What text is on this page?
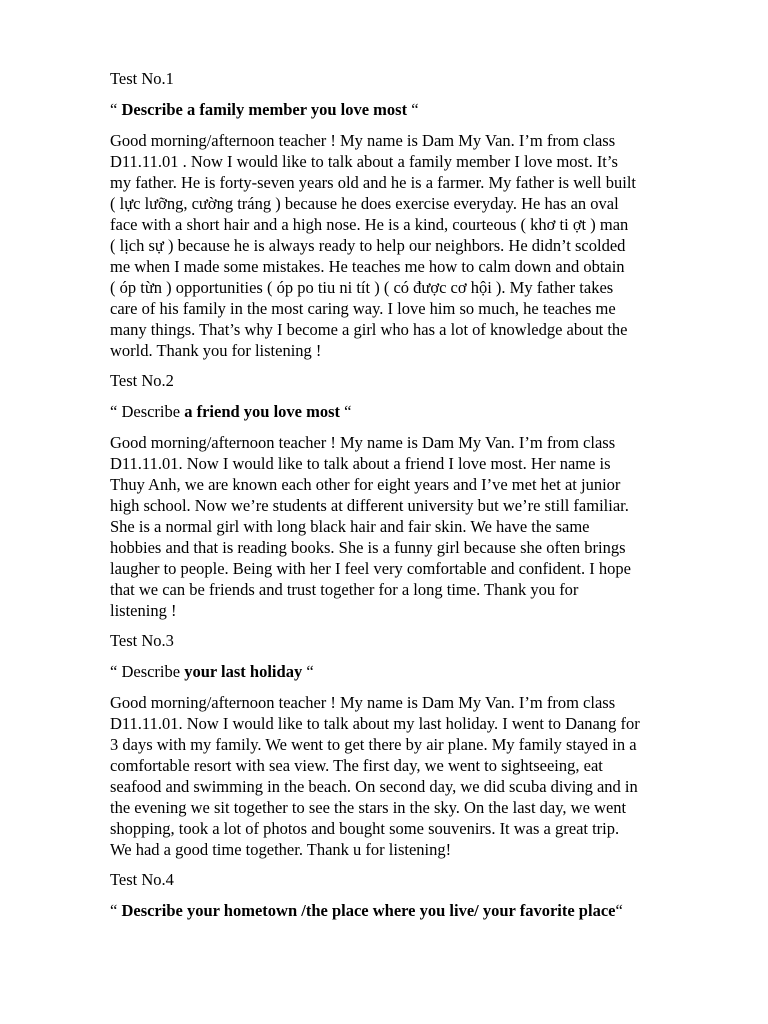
Test No.1

“ Describe a family member you love most “

Good morning/afternoon teacher ! My name is Dam My Van. I’m from class
D11.11.01 . Now I would like to talk about a family member I love most. It’s
my father. He is forty-seven years old and he is a farmer. My father is well built
( lực lưỡng, cường tráng ) because he does exercise everyday. He has an oval
face with a short hair and a high nose. He is a kind, courteous ( khơ ti ợt ) man
( lịch sự ) because he is always ready to help our neighbors. He didn’t scolded
me when I made some mistakes. He teaches me how to calm down and obtain
( óp từn ) opportunities ( óp po tiu ni tít ) ( có được cơ hội ). My father takes
care of his family in the most caring way. I love him so much, he teaches me
many things. That’s why I become a girl who has a lot of knowledge about the
world. Thank you for listening !

Test No.2

“ Describe a friend you love most “

Good morning/afternoon teacher ! My name is Dam My Van. I’m from class
D11.11.01. Now I would like to talk about a friend I love most. Her name is
Thuy Anh, we are known each other for eight years and I’ve met het at junior
high school. Now we’re students at different university but we’re still familiar.
She is a normal girl with long black hair and fair skin. We have the same
hobbies and that is reading books. She is a funny girl because she often brings
laugher to people. Being with her I feel very comfortable and confident. I hope
that we can be friends and trust together for a long time. Thank you for
listening !

Test No.3

“ Describe your last holiday “

Good morning/afternoon teacher ! My name is Dam My Van. I’m from class
D11.11.01. Now I would like to talk about my last holiday. I went to Danang for
3 days with my family. We went to get there by air plane. My family stayed in a
comfortable resort with sea view. The first day, we went to sightseeing, eat
seafood and swimming in the beach. On second day, we did scuba diving and in
the evening we sit together to see the stars in the sky. On the last day, we went
shopping, took a lot of photos and bought some souvenirs. It was a great trip.
We had a good time together. Thank u for listening!

Test No.4

“ Describe your hometown /the place where you live/ your favorite place“
